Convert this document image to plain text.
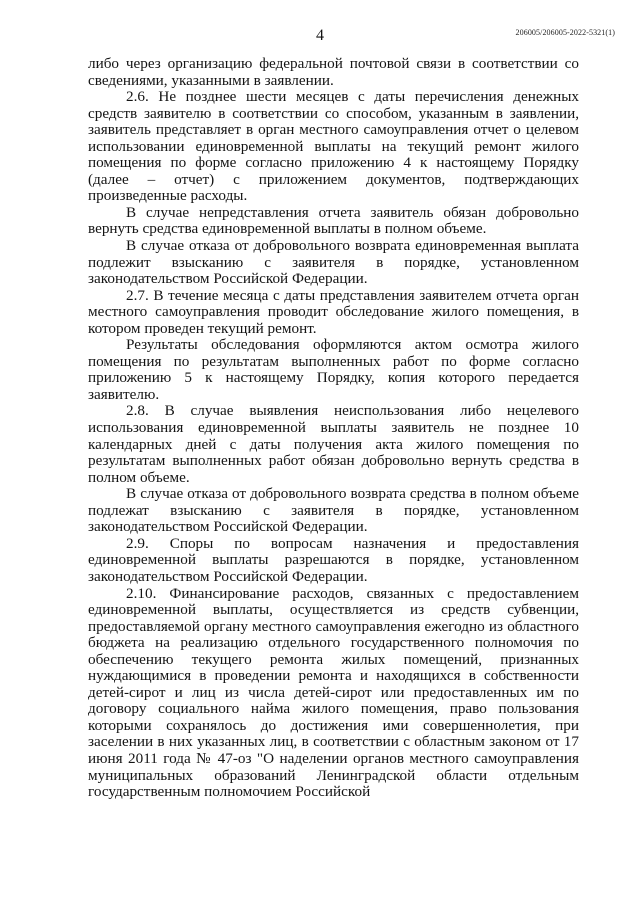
4	206005/206005-2022-5321(1)

либо через организацию федеральной почтовой связи в соответствии со сведениями, указанными в заявлении.

2.6. Не позднее шести месяцев с даты перечисления денежных средств заявителю в соответствии со способом, указанным в заявлении, заявитель представляет в орган местного самоуправления отчет о целевом использовании единовременной выплаты на текущий ремонт жилого помещения по форме согласно приложению 4 к настоящему Порядку (далее – отчет) с приложением документов, подтверждающих произведенные расходы.

В случае непредставления отчета заявитель обязан добровольно вернуть средства единовременной выплаты в полном объеме.

В случае отказа от добровольного возврата единовременная выплата подлежит взысканию с заявителя в порядке, установленном законодательством Российской Федерации.

2.7. В течение месяца с даты представления заявителем отчета орган местного самоуправления проводит обследование жилого помещения, в котором проведен текущий ремонт.

Результаты обследования оформляются актом осмотра жилого помещения по результатам выполненных работ по форме согласно приложению 5 к настоящему Порядку, копия которого передается заявителю.

2.8. В случае выявления неиспользования либо нецелевого использования единовременной выплаты заявитель не позднее 10 календарных дней с даты получения акта жилого помещения по результатам выполненных работ обязан добровольно вернуть средства в полном объеме.

В случае отказа от добровольного возврата средства в полном объеме подлежат взысканию с заявителя в порядке, установленном законодательством Российской Федерации.

2.9. Споры по вопросам назначения и предоставления единовременной выплаты разрешаются в порядке, установленном законодательством Российской Федерации.

2.10. Финансирование расходов, связанных с предоставлением единовременной выплаты, осуществляется из средств субвенции, предоставляемой органу местного самоуправления ежегодно из областного бюджета на реализацию отдельного государственного полномочия по обеспечению текущего ремонта жилых помещений, признанных нуждающимися в проведении ремонта и находящихся в собственности детей-сирот и лиц из числа детей-сирот или предоставленных им по договору социального найма жилого помещения, право пользования которыми сохранялось до достижения ими совершеннолетия, при заселении в них указанных лиц, в соответствии с областным законом от 17 июня 2011 года № 47-оз "О наделении органов местного самоуправления муниципальных образований Ленинградской области отдельным государственным полномочием Российской
